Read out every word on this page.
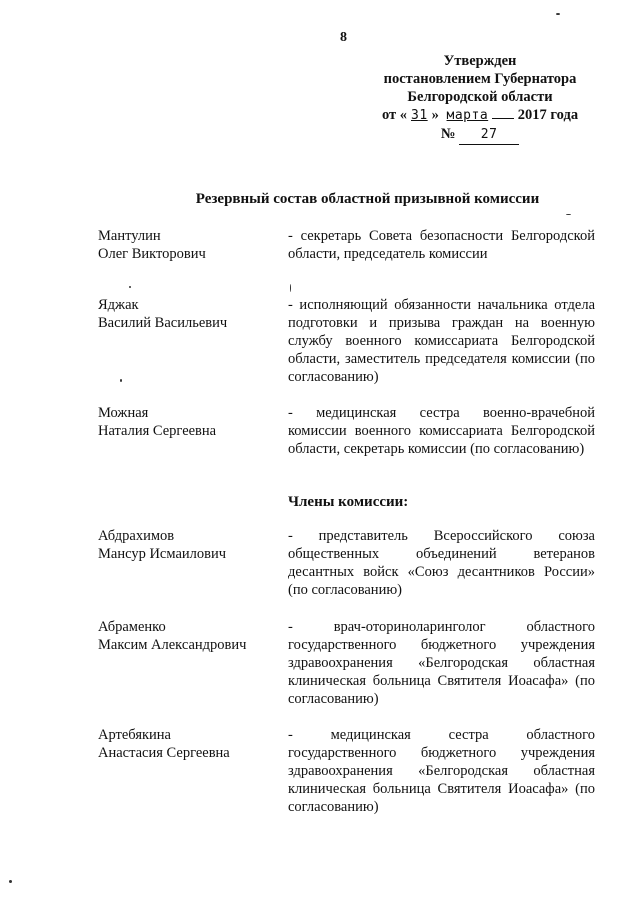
8
Утвержден
постановлением Губернатора
Белгородской области
от « 31 » марта 2017 года
№ 27
Резервный состав областной призывной комиссии
Мантулин
Олег Викторович
- секретарь Совета безопасности Белгородской области, председатель комиссии
Яджак
Василий Васильевич
- исполняющий обязанности начальника отдела подготовки и призыва граждан на военную службу военного комиссариата Белгородской области, заместитель председателя комиссии (по согласованию)
Можная
Наталия Сергеевна
- медицинская сестра военно-врачебной комиссии военного комиссариата Белгородской области, секретарь комиссии (по согласованию)
Члены комиссии:
Абдрахимов
Мансур Исмаилович
- представитель Всероссийского союза общественных объединений ветеранов десантных войск «Союз десантников России» (по согласованию)
Абраменко
Максим Александрович
- врач-оториноларинголог областного государственного бюджетного учреждения здравоохранения «Белгородская областная клиническая больница Святителя Иоасафа» (по согласованию)
Артебякина
Анастасия Сергеевна
- медицинская сестра областного государственного бюджетного учреждения здравоохранения «Белгородская областная клиническая больница Святителя Иоасафа» (по согласованию)
